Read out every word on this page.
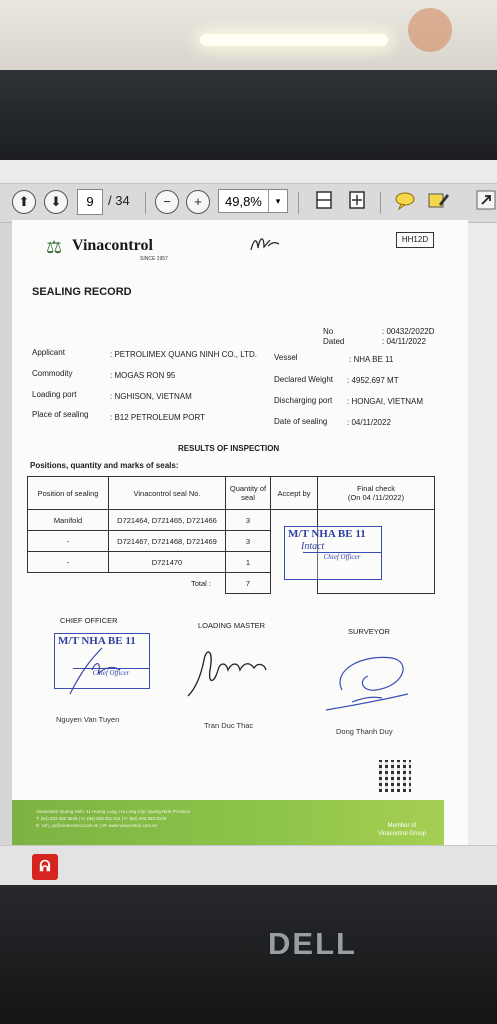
⬆	⬇	9	/ 34	−	+	49,8%	▾
⚖ Vinacontrol
SINCE 1957
HH12D
SEALING RECORD
No	: 00432/2022D
Dated	: 04/11/2022
Applicant	: PETROLIMEX QUANG NINH CO., LTD.
Commodity	: MOGAS RON 95
Loading port	: NGHISON, VIETNAM
Place of sealing	: B12 PETROLEUM PORT
Vessel	: NHA BE 11
Declared Weight : 4952.697 MT
Discharging port : HONGAI, VIETNAM
Date of sealing : 04/11/2022
RESULTS OF INSPECTION
Positions, quantity and marks of seals:
Position of sealing	Vinacontrol seal No.	Quantity of seal	Accept by	Final check
(On 04 /11/2022)

Manifold	D721464, D721465, D721466	3		
-	D721467, D721468, D721469	3		
-	D721470	1		
	Total :	7		
M/T NHA BE 11
Intact
Chief Officer
CHIEF OFFICER
LOADING MASTER
SURVEYOR
M/T NHA BE 11
Chief Officer
Nguyen Van Tuyen
Tran Duc Thac
Dong Thanh Duy
Vinacontrol Quang Ninh: 11 Hoang Long, Ha Long City, Quang Ninh Province
T: (84) 203 382 5536 | H: (84) 836 811 611 | F: (84) 203 382 8105
E: vnh_qn@vinacontrol.com.vn | W: www.vinacontrol.com.vn	Member of
Vinacontrol Group
ᕱ
DELL
